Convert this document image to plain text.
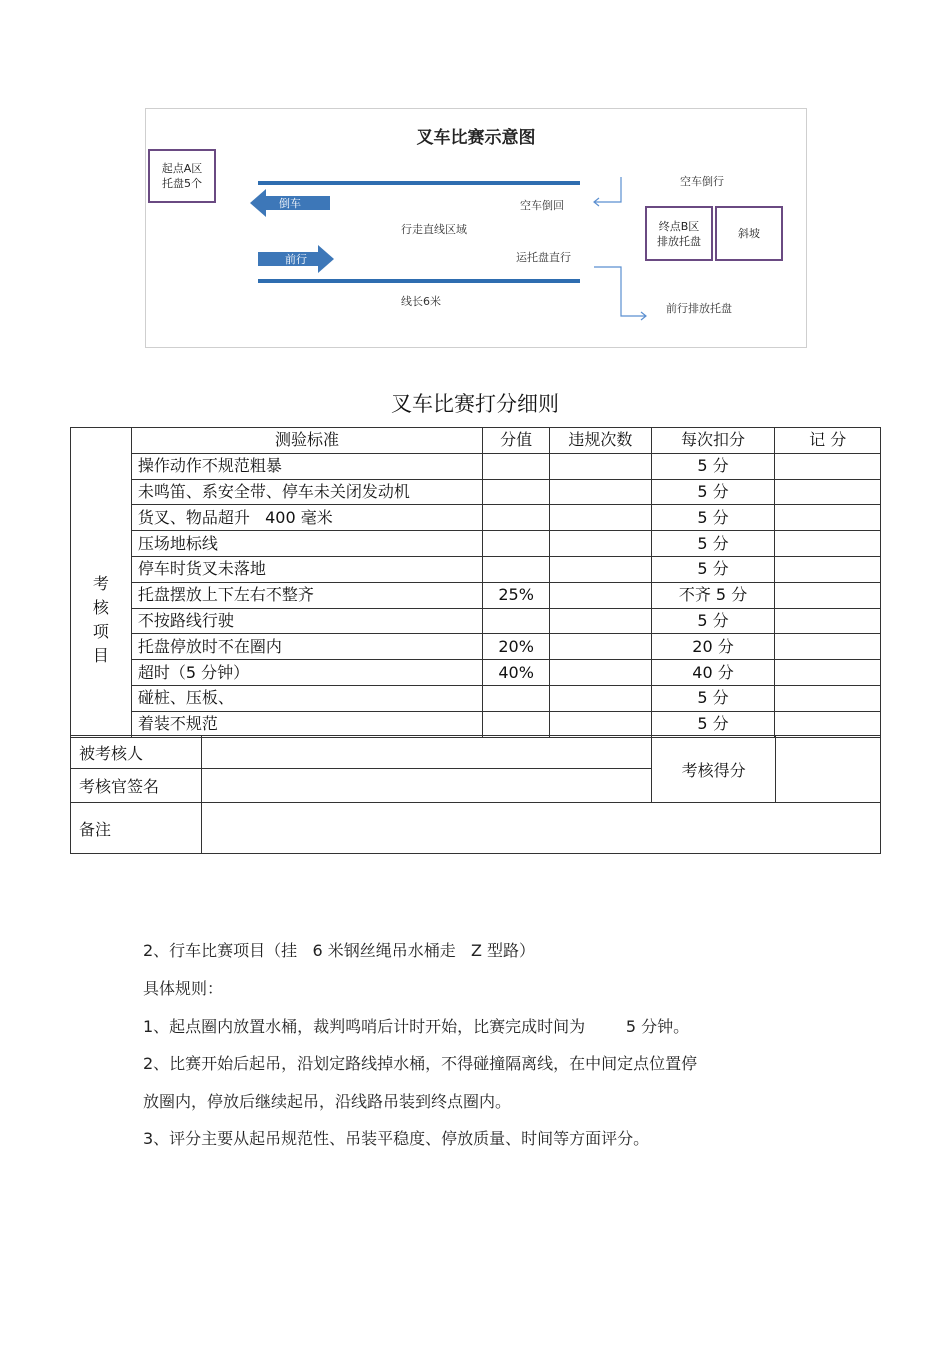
叉车比赛示意图
起点A区
托盘5个
倒车
前行
空车倒回
行走直线区域
运托盘直行
线长6米
空车倒行
终点B区
排放托盘
斜坡
前行排放托盘
叉车比赛打分细则
考
核
项
目	测验标准	分值	违规次数	每次扣分	记 分
	操作动作不规范粗暴			5 分	
	未鸣笛、系安全带、停车未关闭发动机			5 分	
	货叉、物品超升   400 毫米			5 分	
	压场地标线			5 分	
	停车时货叉未落地			5 分	
	托盘摆放上下左右不整齐	25%		不齐 5 分	
	不按路线行驶			5 分	
	托盘停放时不在圈内	20%		20 分	
	超时（5 分钟）	40%		40 分	
	碰桩、压板、			5 分	
	着装不规范			5 分	
被考核人		考核得分	
考核官签名			
备注			
2、行车比赛项目（挂   6 米钢丝绳吊水桶走   Z 型路）
具体规则：
1、起点圈内放置水桶，裁判鸣哨后计时开始，比赛完成时间为        5 分钟。
2、比赛开始后起吊，沿划定路线掉水桶，不得碰撞隔离线，在中间定点位置停
放圈内，停放后继续起吊，沿线路吊装到终点圈内。
3、评分主要从起吊规范性、吊装平稳度、停放质量、时间等方面评分。
